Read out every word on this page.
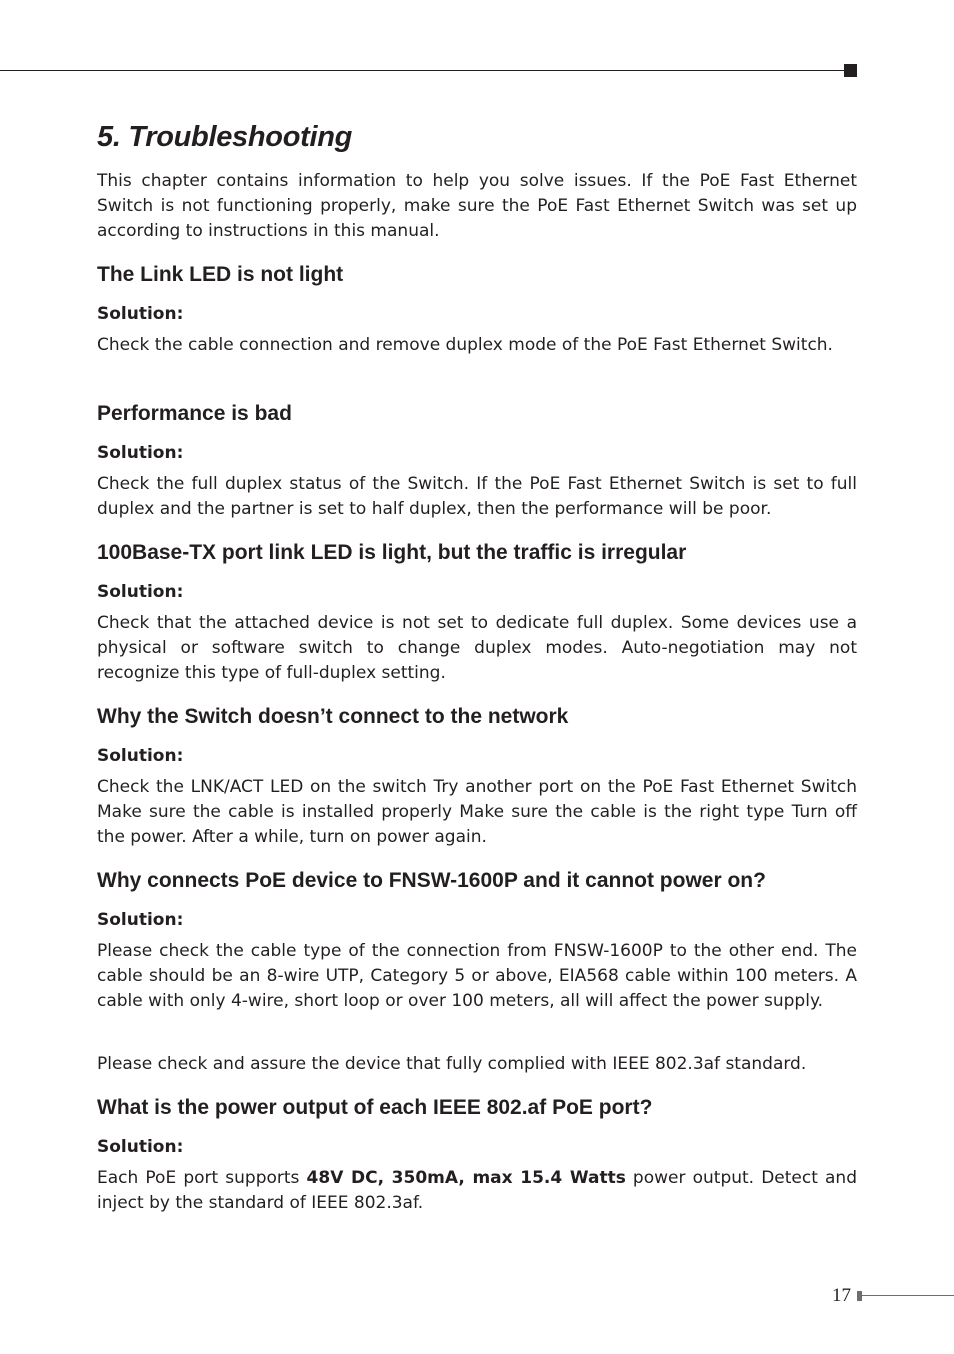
5. Troubleshooting

This chapter contains information to help you solve issues. If the PoE Fast Ethernet Switch is not functioning properly, make sure the PoE Fast Ethernet Switch was set up according to instructions in this manual.

The Link LED is not light
Solution:

Check the cable connection and remove duplex mode of the PoE Fast Ethernet Switch.

Performance is bad
Solution:

Check the full duplex status of the Switch. If the PoE Fast Ethernet Switch is set to full duplex and the partner is set to half duplex, then the performance will be poor.

100Base-TX port link LED is light, but the traffic is irregular
Solution:

Check that the attached device is not set to dedicate full duplex. Some devices use a physical or software switch to change duplex modes. Auto-negotiation may not recognize this type of full-duplex setting.

Why the Switch doesn’t connect to the network
Solution:

Check the LNK/ACT LED on the switch Try another port on the PoE Fast Ethernet Switch Make sure the cable is installed properly Make sure the cable is the right type Turn off the power. After a while, turn on power again.

Why connects PoE device to FNSW-1600P and it cannot power on?
Solution:

Please check the cable type of the connection from FNSW-1600P to the other end. The cable should be an 8-wire UTP, Category 5 or above, EIA568 cable within 100 meters. A cable with only 4-wire, short loop or over 100 meters, all will affect the power supply.

Please check and assure the device that fully complied with IEEE 802.3af standard.

What is the power output of each IEEE 802.af PoE port?
Solution:

Each PoE port supports 48V DC, 350mA, max 15.4 Watts power output. Detect and inject by the standard of IEEE 802.3af.

17
